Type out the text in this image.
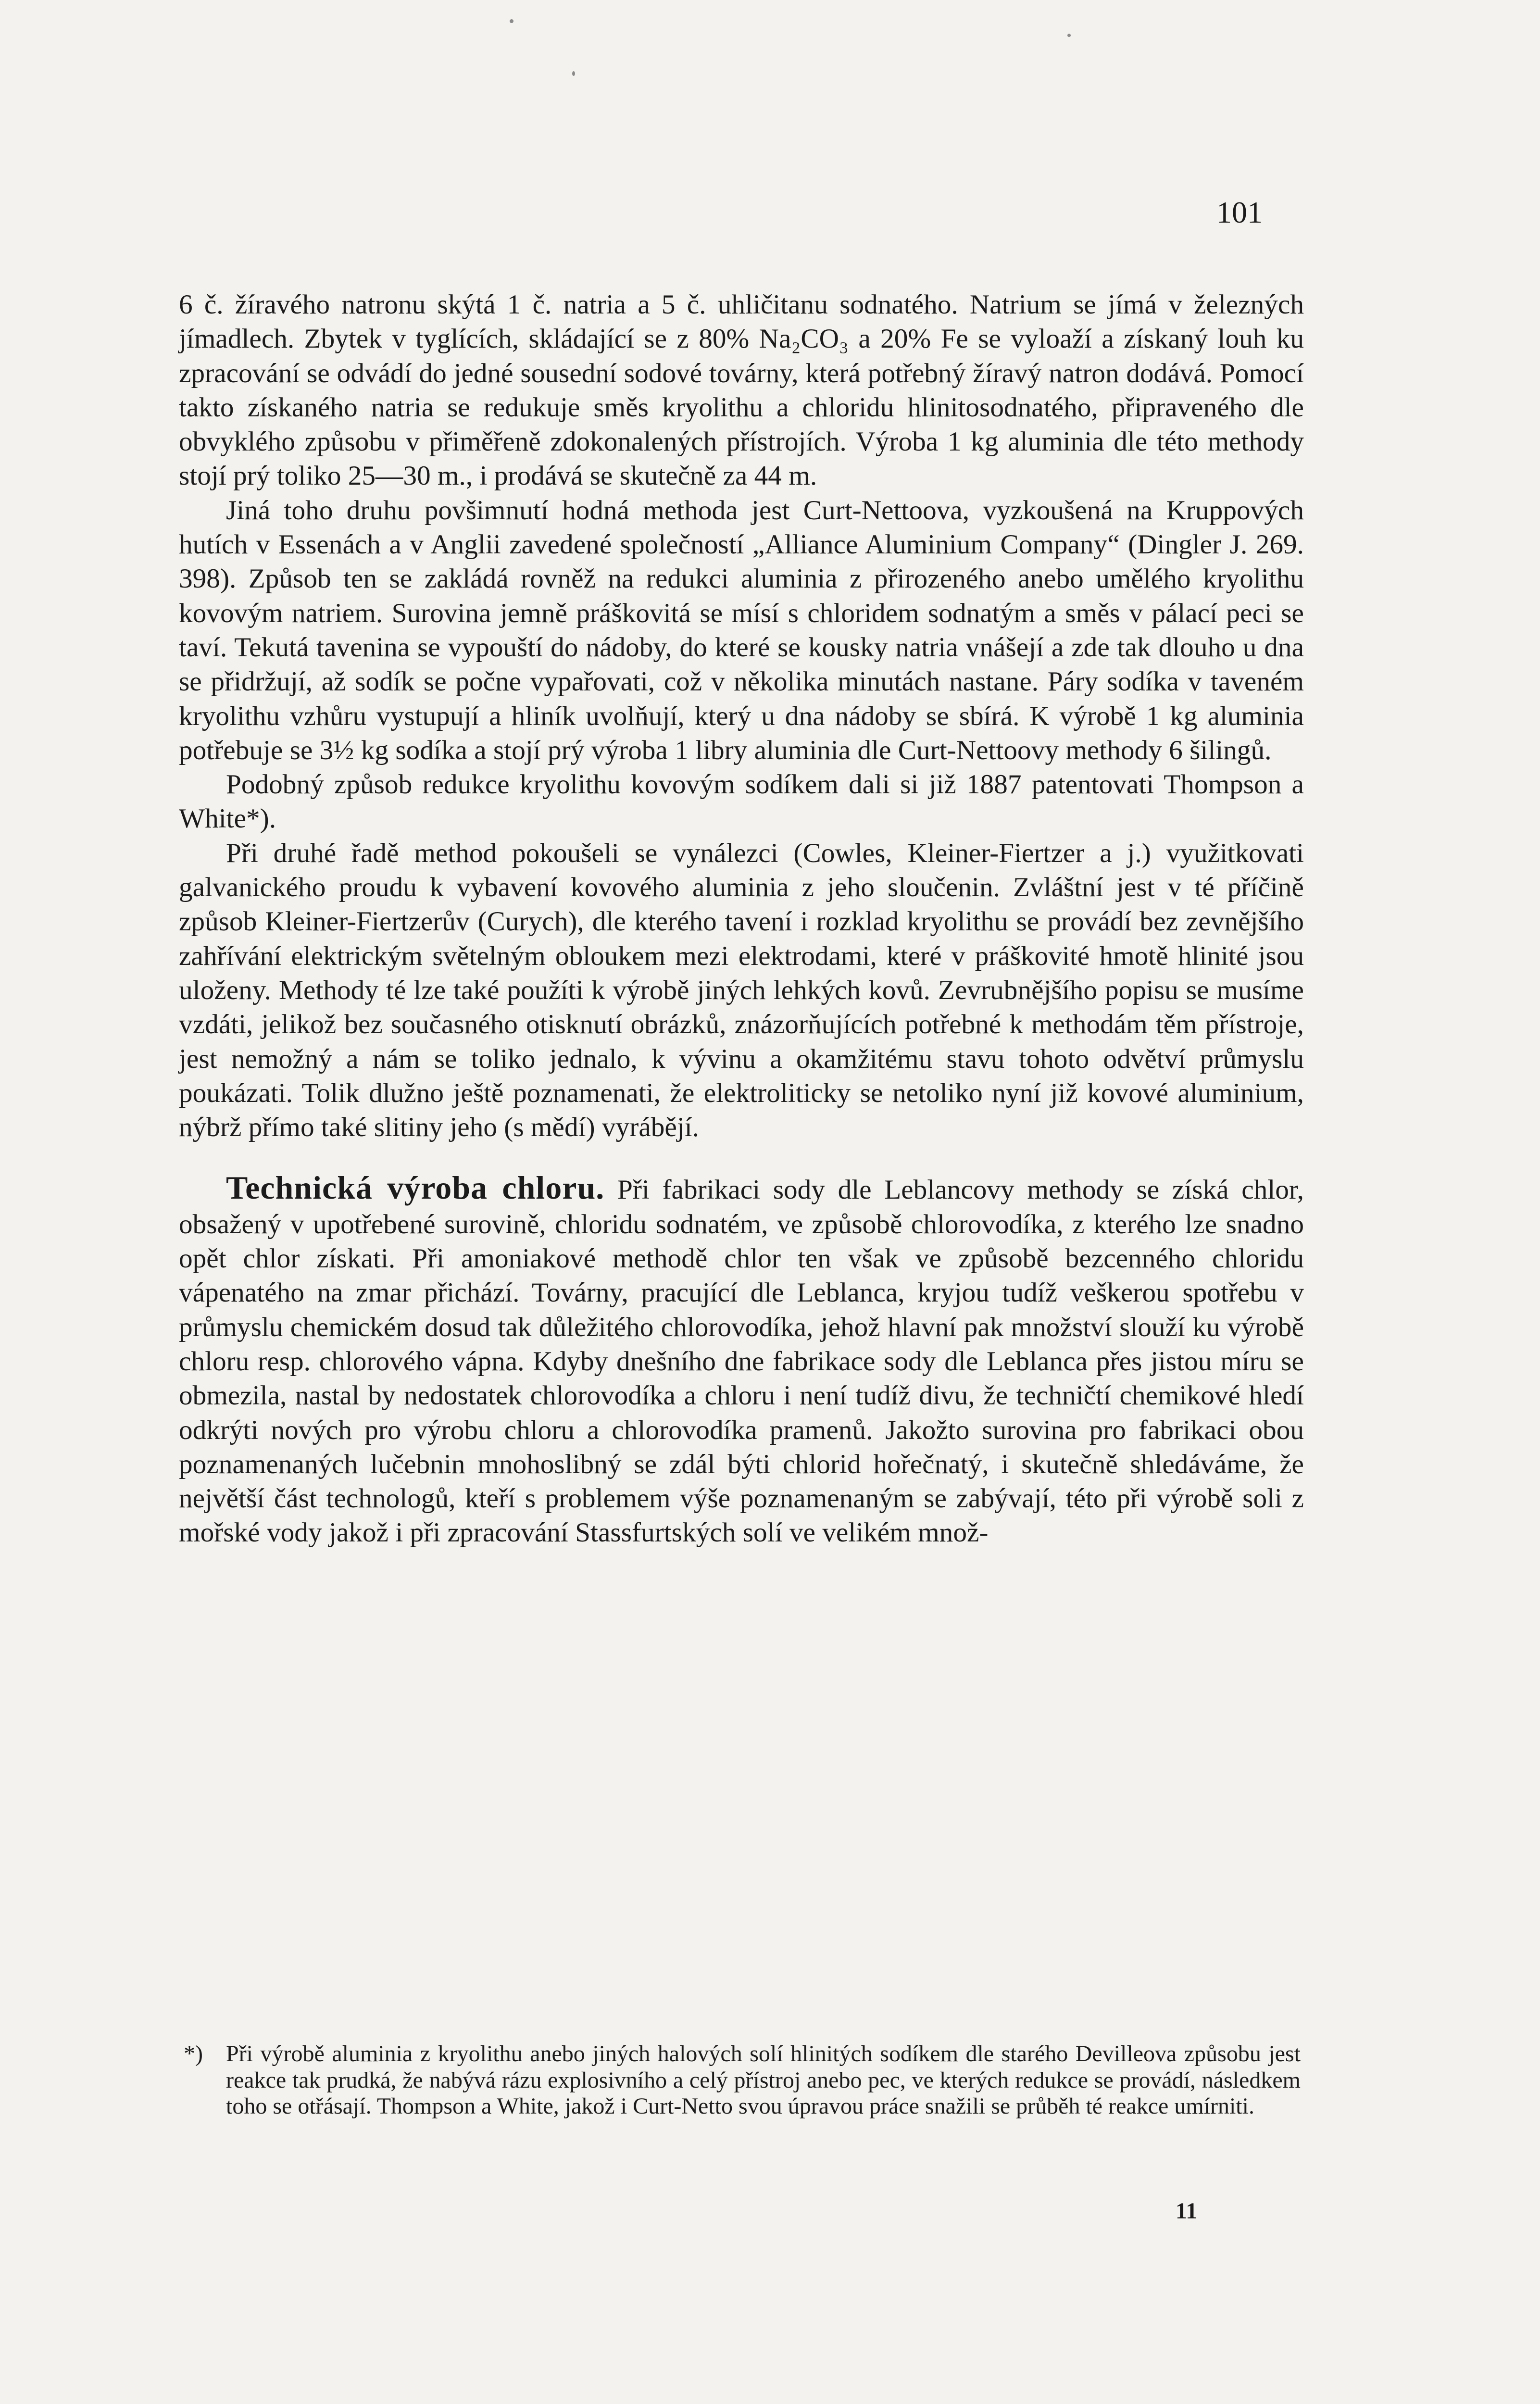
101

6 č. žíravého natronu skýtá 1 č. natria a 5 č. uhličitanu sodnatého. Natrium se jímá v železných jímadlech. Zbytek v tyglících, skládající se z 80% Na₂CO₃ a 20% Fe se vyloaží a získaný louh ku zpracování se odvádí do jedné sousední sodové továrny, která potřebný žíravý natron dodává. Pomocí takto získaného natria se redukuje směs kryolithu a chloridu hlinitosodnatého, připraveného dle obvyklého způsobu v přiměřeně zdokonalených přístrojích. Výroba 1 kg aluminia dle této methody stojí prý toliko 25—30 m., i prodává se skutečně za 44 m.

Jiná toho druhu povšimnutí hodná methoda jest Curt-Nettoova, vyzkoušená na Kruppových hutích v Essenách a v Anglii zavedené společností „Alliance Aluminium Company“ (Dingler J. 269. 398). Způsob ten se zakládá rovněž na redukci aluminia z přirozeného anebo umělého kryolithu kovovým natriem. Surovina jemně práškovitá se mísí s chloridem sodnatým a směs v pálací peci se taví. Tekutá tavenina se vypouští do nádoby, do které se kousky natria vnášejí a zde tak dlouho u dna se přidržují, až sodík se počne vypařovati, což v několika minutách nastane. Páry sodíka v taveném kryolithu vzhůru vystupují a hliník uvolňují, který u dna nádoby se sbírá. K výrobě 1 kg aluminia potřebuje se 3½ kg sodíka a stojí prý výroba 1 libry aluminia dle Curt-Nettoovy methody 6 šilingů.

Podobný způsob redukce kryolithu kovovým sodíkem dali si již 1887 patentovati Thompson a White*).

Při druhé řadě method pokoušeli se vynálezci (Cowles, Kleiner-Fiertzer a j.) využitkovati galvanického proudu k vybavení kovového aluminia z jeho sloučenin. Zvláštní jest v té příčině způsob Kleiner-Fiertzerův (Curych), dle kterého tavení i rozklad kryolithu se provádí bez zevnějšího zahřívání elektrickým světelným obloukem mezi elektrodami, které v práškovité hmotě hlinité jsou uloženy. Methody té lze také použíti k výrobě jiných lehkých kovů. Zevrubnějšího popisu se musíme vzdáti, jelikož bez současného otisknutí obrázků, znázorňujících potřebné k methodám těm přístroje, jest nemožný a nám se toliko jednalo, k vývinu a okamžitému stavu tohoto odvětví průmyslu poukázati. Tolik dlužno ještě poznamenati, že elektroliticky se netoliko nyní již kovové aluminium, nýbrž přímo také slitiny jeho (s mědí) vyrábějí.

Technická výroba chloru. Při fabrikaci sody dle Leblancovy methody se získá chlor, obsažený v upotřebené surovině, chloridu sodnatém, ve způsobě chlorovodíka, z kterého lze snadno opět chlor získati. Při amoniakové methodě chlor ten však ve způsobě bezcenného chloridu vápenatého na zmar přichází. Továrny, pracující dle Leblanca, kryjou tudíž veškerou spotřebu v průmyslu chemickém dosud tak důležitého chlorovodíka, jehož hlavní pak množství slouží ku výrobě chloru resp. chlorového vápna. Kdyby dnešního dne fabrikace sody dle Leblanca přes jistou míru se obmezila, nastal by nedostatek chlorovodíka a chloru i není tudíž divu, že techničtí chemikové hledí odkrýti nových pro výrobu chloru a chlorovodíka pramenů. Jakožto surovina pro fabrikaci obou poznamenaných lučebnin mnohoslibný se zdál býti chlorid hořečnatý, i skutečně shledáváme, že největší část technologů, kteří s problemem výše poznamenaným se zabývají, této při výrobě soli z mořské vody jakož i při zpracování Stassfurtských solí ve velikém množ-

*) Při výrobě aluminia z kryolithu anebo jiných halových solí hlinitých sodíkem dle starého Devilleova způsobu jest reakce tak prudká, že nabývá rázu explosivního a celý přístroj anebo pec, ve kterých redukce se provádí, následkem toho se otřásají. Thompson a White, jakož i Curt-Netto svou úpravou práce snažili se průběh té reakce umírniti.
11
